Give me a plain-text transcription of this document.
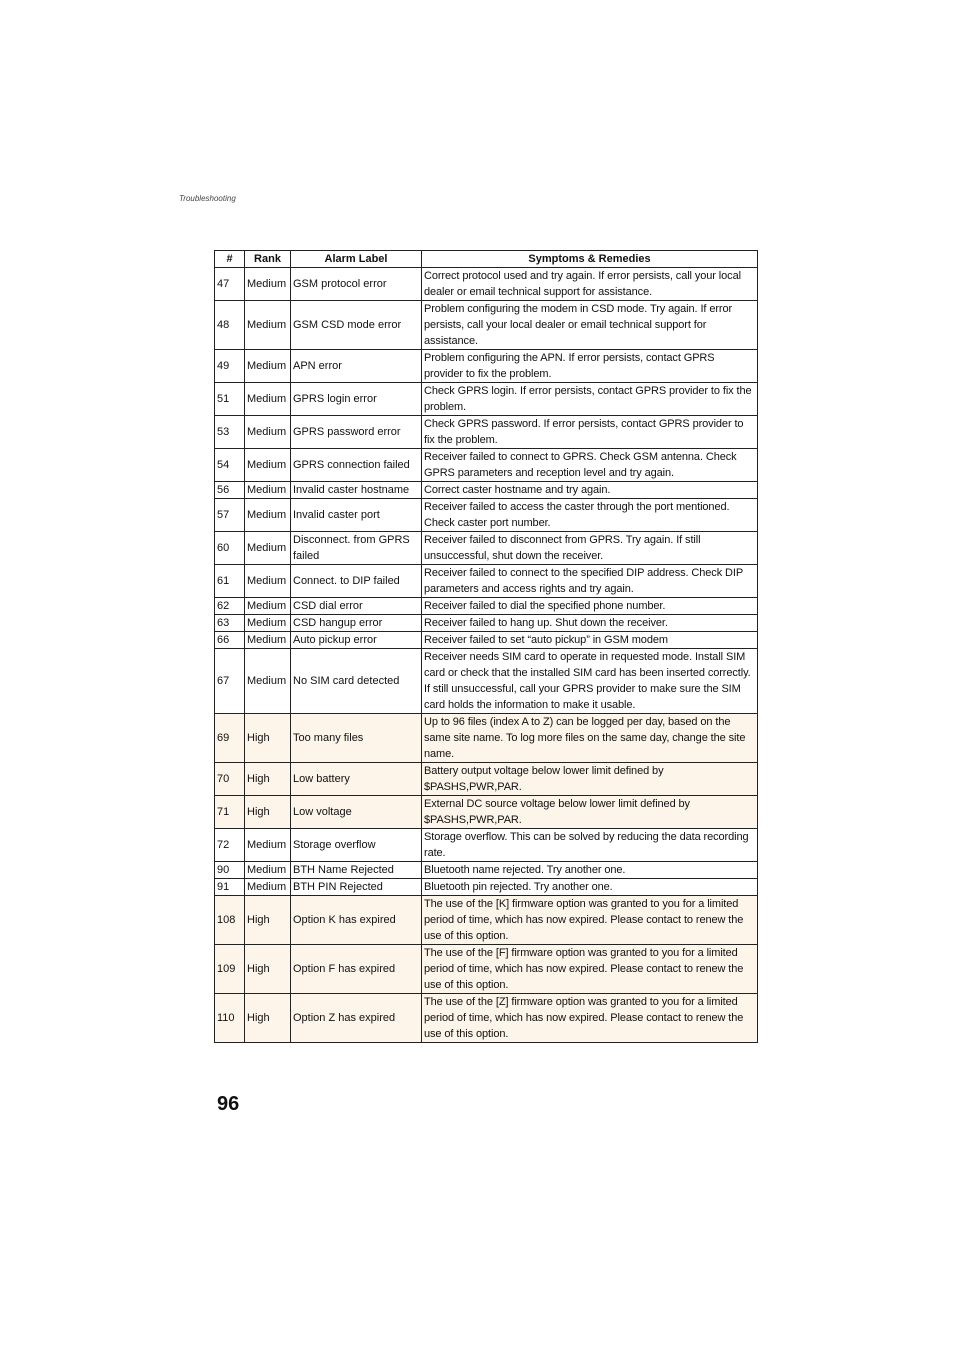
Troubleshooting
#	Rank	Alarm Label	Symptoms & Remedies
47	Medium	GSM protocol error	Correct protocol used and try again. If error persists, call your local dealer or email technical support for assistance.
48	Medium	GSM CSD mode error	Problem configuring the modem in CSD mode. Try again. If error persists, call your local dealer or email technical support for assistance.
49	Medium	APN error	Problem configuring the APN. If error persists, contact GPRS provider to fix the problem.
51	Medium	GPRS login error	Check GPRS login. If error persists, contact GPRS provider to fix the problem.
53	Medium	GPRS password error	Check GPRS password. If error persists, contact GPRS provider to fix the problem.
54	Medium	GPRS connection failed	Receiver failed to connect to GPRS. Check GSM antenna. Check GPRS parameters and reception level and try again.
56	Medium	Invalid caster hostname	Correct caster hostname and try again.
57	Medium	Invalid caster port	Receiver failed to access the caster through the port mentioned. Check caster port number.
60	Medium	Disconnect. from GPRS failed	Receiver failed to disconnect from GPRS. Try again. If still unsuccessful, shut down the receiver.
61	Medium	Connect. to DIP failed	Receiver failed to connect to the specified DIP address. Check DIP parameters and access rights and try again.
62	Medium	CSD dial error	Receiver failed to dial the specified phone number.
63	Medium	CSD hangup error	Receiver failed to hang up. Shut down the receiver.
66	Medium	Auto pickup error	Receiver failed to set “auto pickup” in GSM modem
67	Medium	No SIM card detected	Receiver needs SIM card to operate in requested mode. Install SIM card or check that the installed SIM card has been inserted correctly. If still unsuccessful, call your GPRS provider to make sure the SIM card holds the information to make it usable.
69	High	Too many files	Up to 96 files (index A to Z) can be logged per day, based on the same site name. To log more files on the same day, change the site name.
70	High	Low battery	Battery output voltage below lower limit defined by $PASHS,PWR,PAR.
71	High	Low voltage	External DC source voltage below lower limit defined by $PASHS,PWR,PAR.
72	Medium	Storage overflow	Storage overflow. This can be solved by reducing the data recording rate.
90	Medium	BTH Name Rejected	Bluetooth name rejected. Try another one.
91	Medium	BTH PIN Rejected	Bluetooth pin rejected. Try another one.
108	High	Option K has expired	The use of the [K] firmware option was granted to you for a limited period of time, which has now expired. Please contact to renew the use of this option.
109	High	Option F has expired	The use of the [F] firmware option was granted to you for a limited period of time, which has now expired. Please contact to renew the use of this option.
110	High	Option Z has expired	The use of the [Z] firmware option was granted to you for a limited period of time, which has now expired. Please contact to renew the use of this option.
96
